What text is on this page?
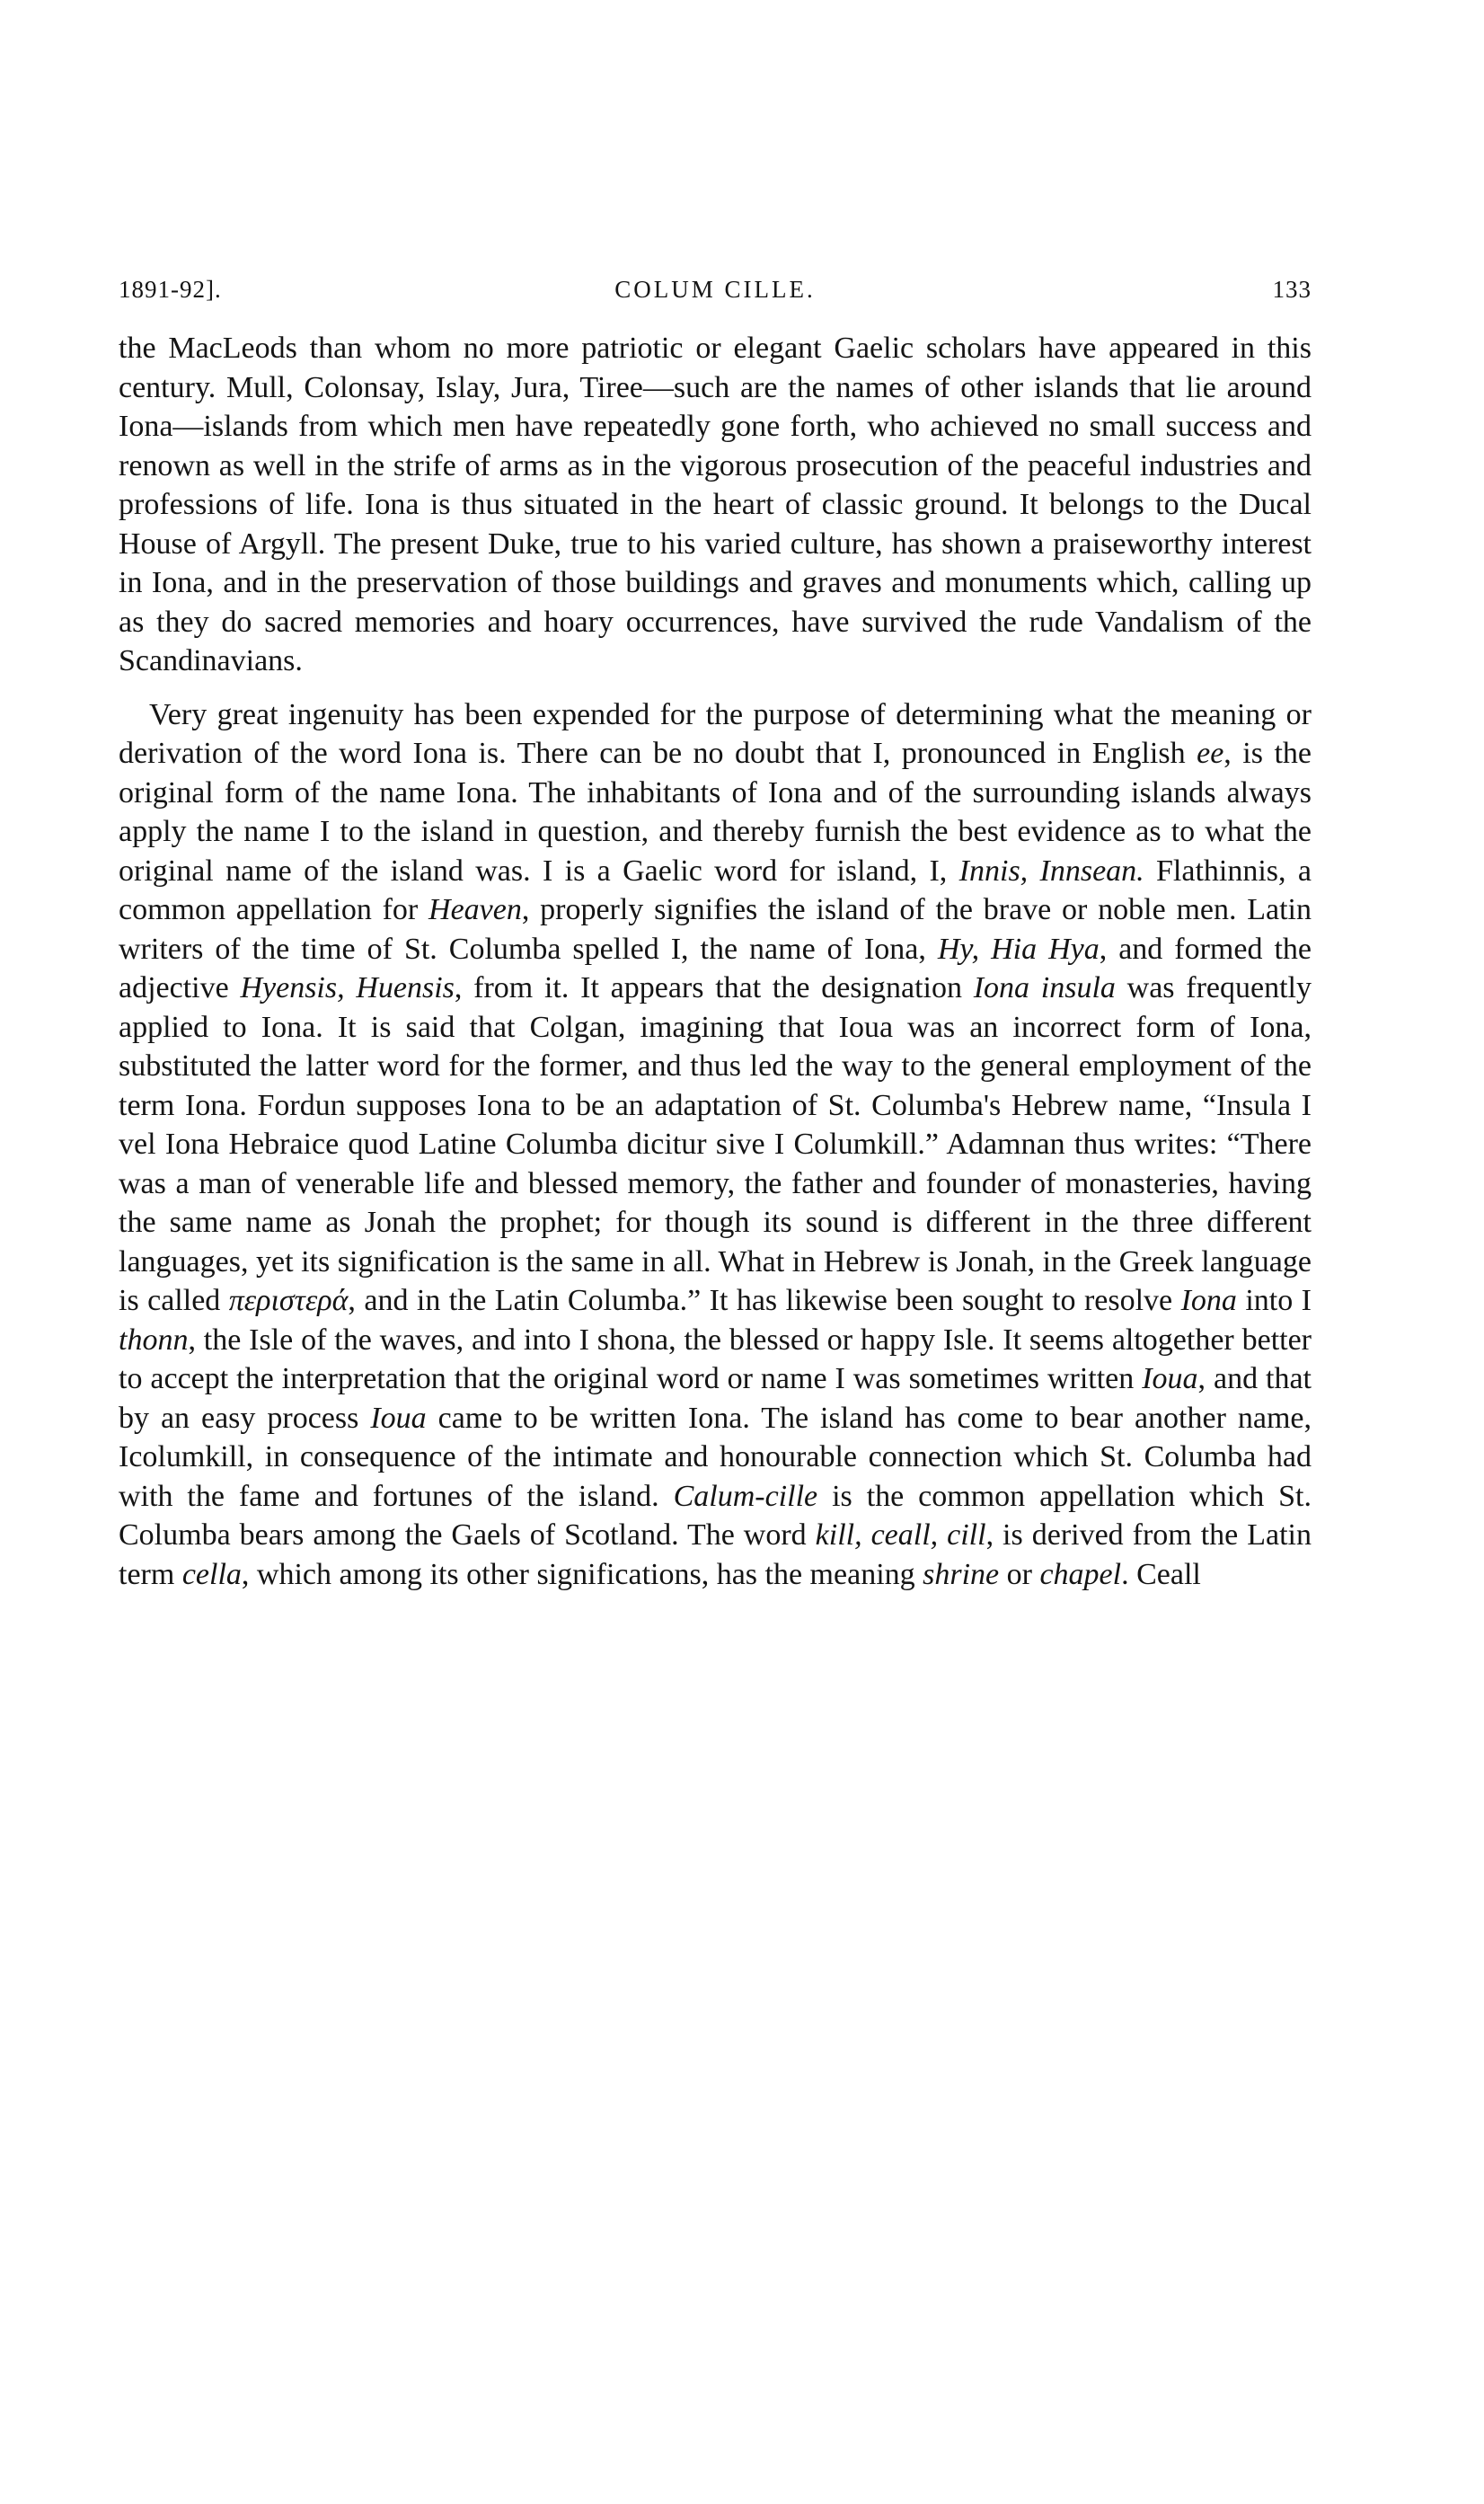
1891-92].	COLUM CILLE.	133

the MacLeods than whom no more patriotic or elegant Gaelic scholars have appeared in this century. Mull, Colonsay, Islay, Jura, Tiree—such are the names of other islands that lie around Iona—islands from which men have repeatedly gone forth, who achieved no small success and renown as well in the strife of arms as in the vigorous prosecution of the peaceful industries and professions of life. Iona is thus situated in the heart of classic ground. It belongs to the Ducal House of Argyll. The present Duke, true to his varied culture, has shown a praiseworthy interest in Iona, and in the preservation of those buildings and graves and monuments which, calling up as they do sacred memories and hoary occurrences, have survived the rude Vandalism of the Scandinavians.

Very great ingenuity has been expended for the purpose of determining what the meaning or derivation of the word Iona is. There can be no doubt that I, pronounced in English ee, is the original form of the name Iona. The inhabitants of Iona and of the surrounding islands always apply the name I to the island in question, and thereby furnish the best evidence as to what the original name of the island was. I is a Gaelic word for island, I, Innis, Innsean. Flathinnis, a common appellation for Heaven, properly signifies the island of the brave or noble men. Latin writers of the time of St. Columba spelled I, the name of Iona, Hy, Hia Hya, and formed the adjective Hyensis, Huensis, from it. It appears that the designation Iona insula was frequently applied to Iona. It is said that Colgan, imagining that Ioua was an incorrect form of Iona, substituted the latter word for the former, and thus led the way to the general employment of the term Iona. Fordun supposes Iona to be an adaptation of St. Columba's Hebrew name, “Insula I vel Iona Hebraice quod Latine Columba dicitur sive I Columkill.” Adamnan thus writes: “There was a man of venerable life and blessed memory, the father and founder of monasteries, having the same name as Jonah the prophet; for though its sound is different in the three different languages, yet its signification is the same in all. What in Hebrew is Jonah, in the Greek language is called περιστερά, and in the Latin Columba.” It has likewise been sought to resolve Iona into I thonn, the Isle of the waves, and into I shona, the blessed or happy Isle. It seems altogether better to accept the interpretation that the original word or name I was sometimes written Ioua, and that by an easy process Ioua came to be written Iona. The island has come to bear another name, Icolumkill, in consequence of the intimate and honourable connection which St. Columba had with the fame and fortunes of the island. Calum-cille is the common appellation which St. Columba bears among the Gaels of Scotland. The word kill, ceall, cill, is derived from the Latin term cella, which among its other significations, has the meaning shrine or chapel. Ceall
